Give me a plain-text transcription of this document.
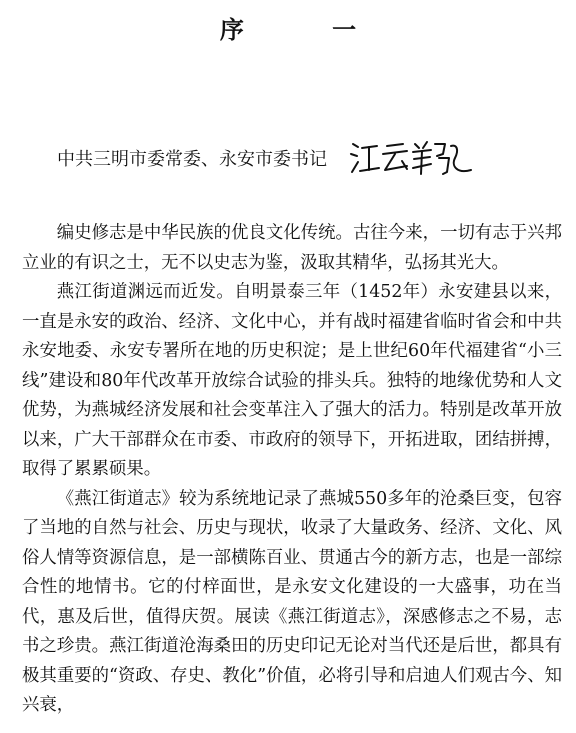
序 一
中共三明市委常委、永安市委书记

编史修志是中华民族的优良文化传统。古往今来，一切有志于兴邦立业的有识之士，无不以史志为鉴，汲取其精华，弘扬其光大。

燕江街道渊远而近发。自明景泰三年（1452年）永安建县以来，一直是永安的政治、经济、文化中心，并有战时福建省临时省会和中共永安地委、永安专署所在地的历史积淀；是上世纪60年代福建省“小三线”建设和80年代改革开放综合试验的排头兵。独特的地缘优势和人文优势，为燕城经济发展和社会变革注入了强大的活力。特别是改革开放以来，广大干部群众在市委、市政府的领导下，开拓进取，团结拼搏，取得了累累硕果。

《燕江街道志》较为系统地记录了燕城550多年的沧桑巨变，包容了当地的自然与社会、历史与现状，收录了大量政务、经济、文化、风俗人情等资源信息，是一部横陈百业、贯通古今的新方志，也是一部综合性的地情书。它的付梓面世，是永安文化建设的一大盛事，功在当代，惠及后世，值得庆贺。展读《燕江街道志》，深感修志之不易，志书之珍贵。燕江街道沧海桑田的历史印记无论对当代还是后世，都具有极其重要的“资政、存史、教化”价值，必将引导和启迪人们观古今、知兴衰，
